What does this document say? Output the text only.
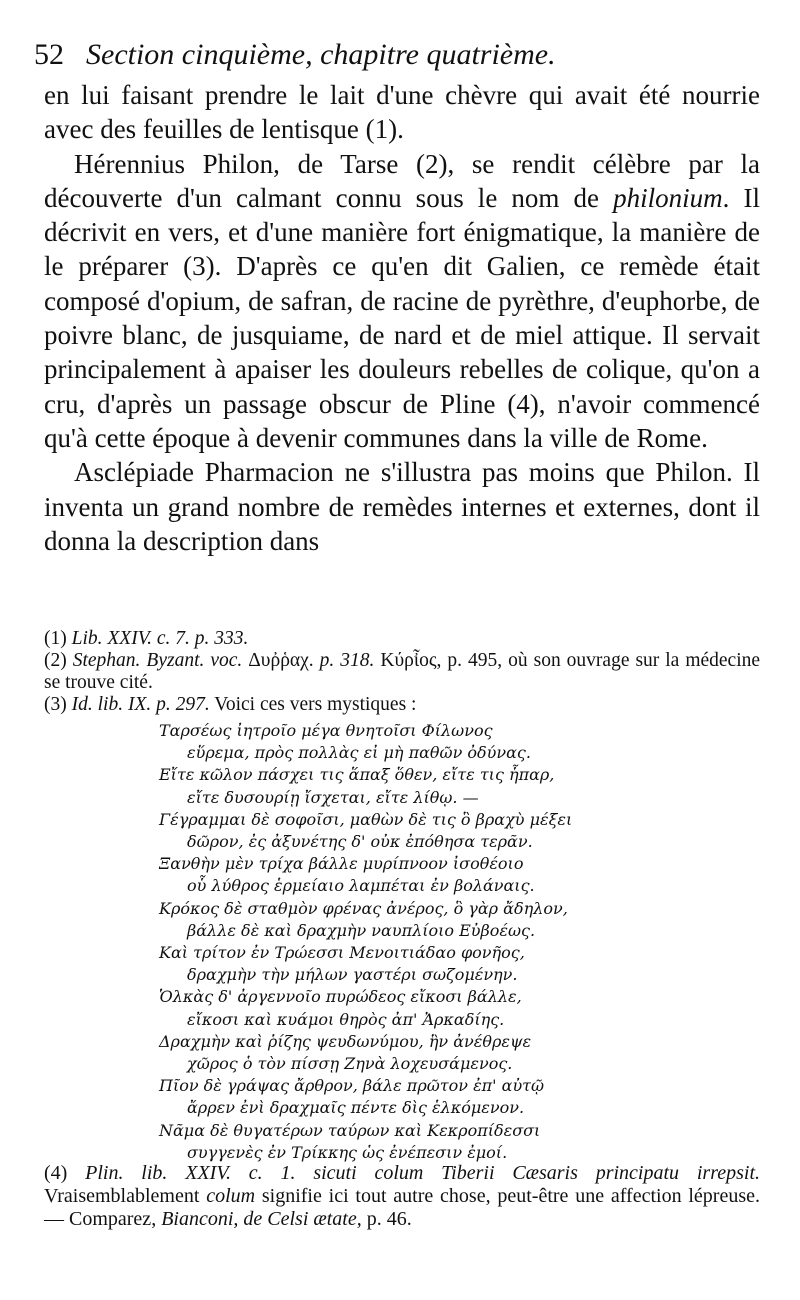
52 Section cinquième, chapitre quatrième.

en lui faisant prendre le lait d'une chèvre qui avait été nourrie avec des feuilles de lentisque (1).

Hérennius Philon, de Tarse (2), se rendit célèbre par la découverte d'un calmant connu sous le nom de philonium. Il décrivit en vers, et d'une manière fort énigmatique, la manière de le préparer (3). D'après ce qu'en dit Galien, ce remède était composé d'opium, de safran, de racine de pyrèthre, d'euphorbe, de poivre blanc, de jusquiame, de nard et de miel attique. Il servait principalement à apaiser les douleurs rebelles de colique, qu'on a cru, d'après un passage obscur de Pline (4), n'avoir commencé qu'à cette époque à devenir communes dans la ville de Rome.

Asclépiade Pharmacion ne s'illustra pas moins que Philon. Il inventa un grand nombre de remèdes internes et externes, dont il donna la description dans

(1) Lib. XXIV. c. 7. p. 333.

(2) Stephan. Byzant. voc. Δυῤῥαχ. p. 318. Κύρἶος, p. 495, où son ouvrage sur la médecine se trouve cité.

(3) Id. lib. IX. p. 297. Voici ces vers mystiques :

Ταρσέως ἰητροῖο μέγα θνητοῖσι Φίλωνος
εὕρεμα, πρὸς πολλὰς εἰ μὴ παθῶν ὀδύνας.
Εἴτε κῶλον πάσχει τις ἅπαξ ὅθεν, εἴτε τις ἧπαρ,
εἴτε δυσουρίῃ ἴσχεται, εἴτε λίθῳ. —
Γέγραμμαι δὲ σοφοῖσι, μαθὼν δὲ τις ὃ βραχὺ μέξει
δῶρον, ἐς ἀξυνέτης δ' οὐκ ἐπόθησα τερᾶν.
Ξανθὴν μὲν τρίχα βάλλε μυρίπνοον ἰσοθέοιο
οὗ λύθρος ἑρμείαιο λαμπέται ἐν βολάναις.
Κρόκος δὲ σταθμὸν φρένας ἀνέρος, ὃ γὰρ ἄδηλον,
βάλλε δὲ καὶ δραχμὴν ναυπλίοιο Εὐβοέως.
Καὶ τρίτον ἐν Τρώεσσι Μενοιτιάδαο φονῆος,
δραχμὴν τὴν μήλων γαστέρι σωζομένην.
Ὁλκὰς δ' ἀργεννοῖο πυρώδεος εἴκοσι βάλλε,
εἴκοσι καὶ κυάμοι θηρὸς ἀπ' Ἀρκαδίης.
Δραχμὴν καὶ ῥίζης ψευδωνύμου, ἣν ἀνέθρεψε
χῶρος ὁ τὸν πίσσῃ Ζηνὰ λοχευσάμενος.
Πῖον δὲ γράψας ἄρθρον, βάλε πρῶτον ἐπ' αὐτῷ
ἄρρεν ἐνὶ δραχμαῖς πέντε δὶς ἑλκόμενον.
Νᾶμα δὲ θυγατέρων ταύρων καὶ Κεκροπίδεσσι
συγγενὲς ἐν Τρίκκης ὡς ἐνέπεσιν ἐμοί.

(4) Plin. lib. XXIV. c. 1. sicuti colum Tiberii Cæsaris principatu irrepsit. Vraisemblablement colum signifie ici tout autre chose, peut-être une affection lépreuse. — Comparez, Bianconi, de Celsi ætate, p. 46.
